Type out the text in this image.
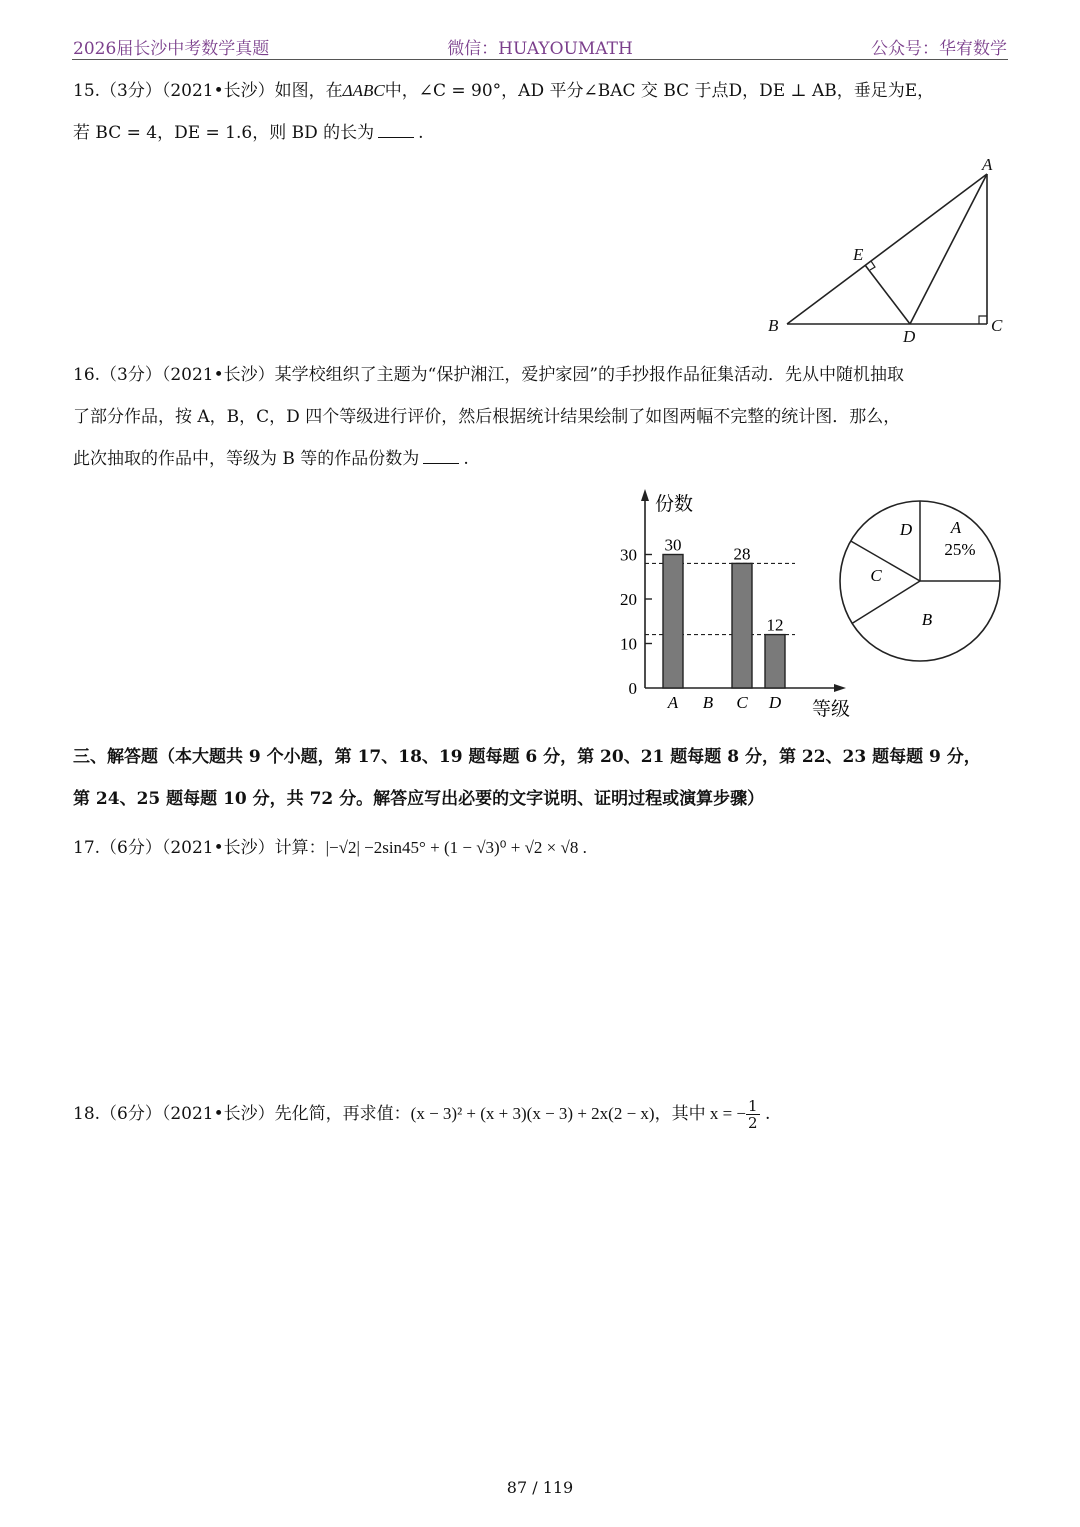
2026届长沙中考数学真题	微信：HUAYOUMATH	公众号：华宥数学
15.（3分）（2021•长沙）如图，在ΔABC中，∠C = 90°，AD 平分∠BAC 交 BC 于点D，DE ⊥ AB，垂足为E，
若 BC = 4，DE = 1.6，则 BD 的长为	.
A
B	C
D
E
16.（3分）（2021•长沙）某学校组织了主题为“保护湘江，爱护家园”的手抄报作品征集活动．先从中随机抽取
了部分作品，按 A，B，C，D 四个等级进行评价，然后根据统计结果绘制了如图两幅不完整的统计图．那么，
此次抽取的作品中，等级为 B 等的作品份数为	.
份数
等级
0
10
20
30
30
A B
28
C
12
D
A
25%
B
C
D
三、解答题（本大题共 9 个小题，第 17、18、19 题每题 6 分，第 20、21 题每题 8 分，第 22、23 题每题 9 分，
第 24、25 题每题 10 分，共 72 分。解答应写出必要的文字说明、证明过程或演算步骤）
17.（6分）（2021•长沙）计算：|−√2| −2sin45° + (1 − √3)⁰ + √2 × √8 .
18.（6分）（2021•长沙）先化简，再求值：(x − 3)² + (x + 3)(x − 3) + 2x(2 − x)，其中 x = − $\frac{1}{2}$ .
87 / 119
